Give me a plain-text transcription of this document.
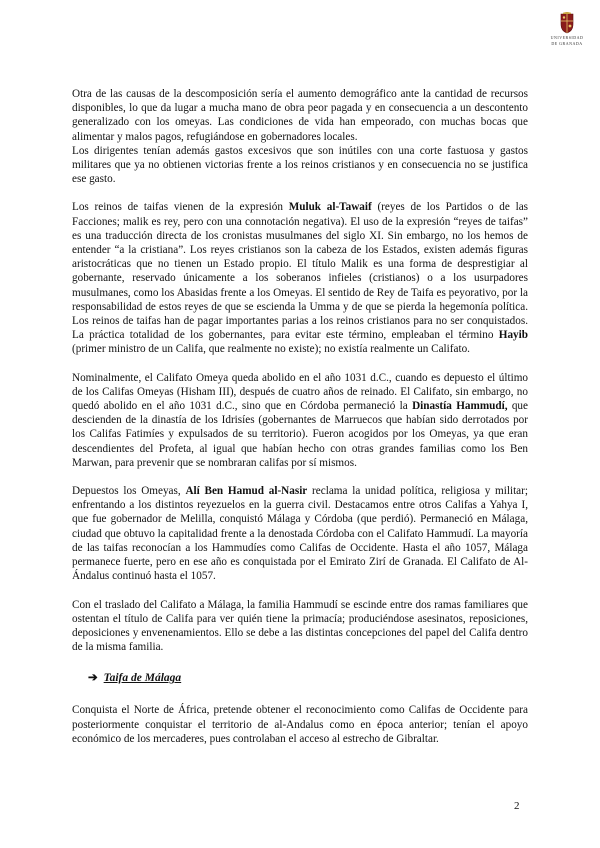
UNIVERSIDAD
DE GRANADA

Otra de las causas de la descomposición sería el aumento demográfico ante la cantidad de recursos disponibles, lo que da lugar a mucha mano de obra peor pagada y en consecuencia a un descontento generalizado con los omeyas. Las condiciones de vida han empeorado, con muchas bocas que alimentar y malos pagos, refugiándose en gobernadores locales.

Los dirigentes tenían además gastos excesivos que son inútiles con una corte fastuosa y gastos militares que ya no obtienen victorias frente a los reinos cristianos y en consecuencia no se justifica ese gasto.

Los reinos de taifas vienen de la expresión Muluk al-Tawaif (reyes de los Partidos o de las Facciones; malik es rey, pero con una connotación negativa). El uso de la expresión “reyes de taifas” es una traducción directa de los cronistas musulmanes del siglo XI. Sin embargo, no los hemos de entender “a la cristiana”. Los reyes cristianos son la cabeza de los Estados, existen además figuras aristocráticas que no tienen un Estado propio. El título Malik es una forma de desprestigiar al gobernante, reservado únicamente a los soberanos infieles (cristianos) o a los usurpadores musulmanes, como los Abasidas frente a los Omeyas. El sentido de Rey de Taifa es peyorativo, por la responsabilidad de estos reyes de que se escienda la Umma y de que se pierda la hegemonía política. Los reinos de taifas han de pagar importantes parias a los reinos cristianos para no ser conquistados. La práctica totalidad de los gobernantes, para evitar este término, empleaban el término Hayib (primer ministro de un Califa, que realmente no existe); no existía realmente un Califato.

Nominalmente, el Califato Omeya queda abolido en el año 1031 d.C., cuando es depuesto el último de los Califas Omeyas (Hisham III), después de cuatro años de reinado. El Califato, sin embargo, no quedó abolido en el año 1031 d.C., sino que en Córdoba permaneció la Dinastía Hammudí, que descienden de la dinastía de los Idrisíes (gobernantes de Marruecos que habían sido derrotados por los Califas Fatimíes y expulsados de su territorio). Fueron acogidos por los Omeyas, ya que eran descendientes del Profeta, al igual que habían hecho con otras grandes familias como los Ben Marwan, para prevenir que se nombraran califas por sí mismos.

Depuestos los Omeyas, Alí Ben Hamud al-Nasir reclama la unidad política, religiosa y militar; enfrentando a los distintos reyezuelos en la guerra civil. Destacamos entre otros Califas a Yahya I, que fue gobernador de Melilla, conquistó Málaga y Córdoba (que perdió). Permaneció en Málaga, ciudad que obtuvo la capitalidad frente a la denostada Córdoba con el Califato Hammudí. La mayoría de las taifas reconocían a los Hammudíes como Califas de Occidente. Hasta el año 1057, Málaga permanece fuerte, pero en ese año es conquistada por el Emirato Zirí de Granada. El Califato de Al-Ándalus continuó hasta el 1057.

Con el traslado del Califato a Málaga, la familia Hammudí se escinde entre dos ramas familiares que ostentan el título de Califa para ver quién tiene la primacía; produciéndose asesinatos, reposiciones, deposiciones y envenenamientos. Ello se debe a las distintas concepciones del papel del Califa dentro de la misma familia.

➔ Taifa de Málaga

Conquista el Norte de África, pretende obtener el reconocimiento como Califas de Occidente para posteriormente conquistar el territorio de al-Andalus como en época anterior; tenían el apoyo económico de los mercaderes, pues controlaban el acceso al estrecho de Gibraltar.

2
